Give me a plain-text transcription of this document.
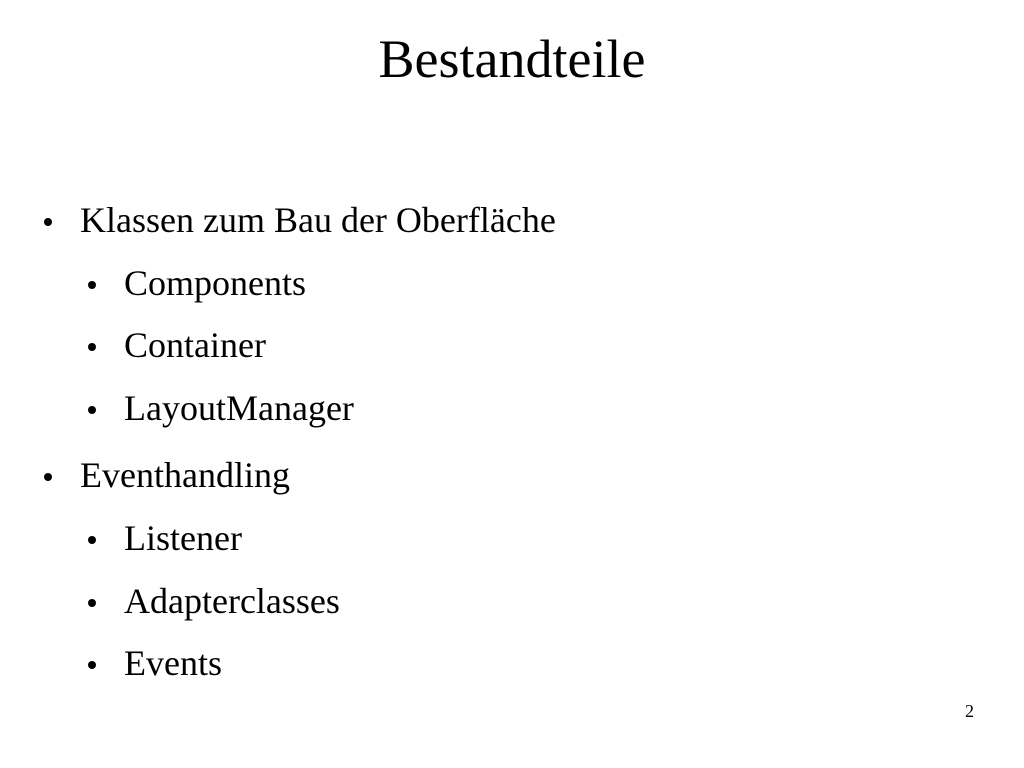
Bestandteile
Klassen zum Bau der Oberfläche
Components
Container
LayoutManager
Eventhandling
Listener
Adapterclasses
Events
2
